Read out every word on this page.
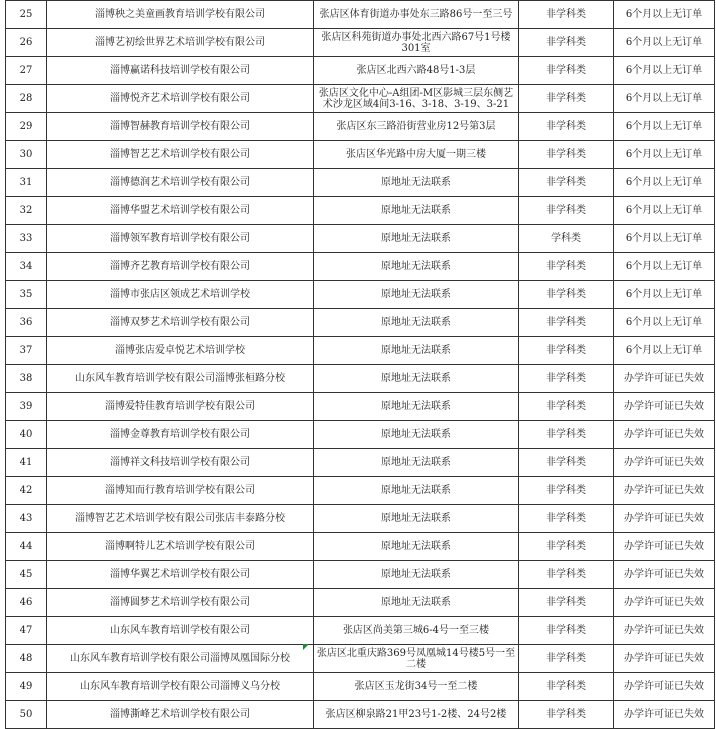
25	淄博秧之美童画教育培训学校有限公司	张店区体育街道办事处东三路86号一至三号	非学科类	6个月以上无订单
26	淄博艺初绘世界艺术培训学校有限公司	张店区科苑街道办事处北西六路67号1号楼301室	非学科类	6个月以上无订单
27	淄博赢诺科技培训学校有限公司	张店区北西六路48号1-3层	非学科类	6个月以上无订单
28	淄博悦齐艺术培训学校有限公司	张店区文化中心-A组团-M区影城三层东侧艺术沙龙区域4间3-16、3-18、3-19、3-21	非学科类	6个月以上无订单
29	淄博智赫教育培训学校有限公司	张店区东三路沿街营业房12号第3层	非学科类	6个月以上无订单
30	淄博智艺艺术培训学校有限公司	张店区华光路中房大厦一期三楼	非学科类	6个月以上无订单
31	淄博德润艺术培训学校有限公司	原地址无法联系	非学科类	6个月以上无订单
32	淄博华盟艺术培训学校有限公司	原地址无法联系	非学科类	6个月以上无订单
33	淄博领军教育培训学校有限公司	原地址无法联系	学科类	6个月以上无订单
34	淄博齐艺教育培训学校有限公司	原地址无法联系	非学科类	6个月以上无订单
35	淄博市张店区领成艺术培训学校	原地址无法联系	非学科类	6个月以上无订单
36	淄博双梦艺术培训学校有限公司	原地址无法联系	非学科类	6个月以上无订单
37	淄博张店爱卓悦艺术培训学校	原地址无法联系	非学科类	6个月以上无订单
38	山东风车教育培训学校有限公司淄博张桓路分校	原地址无法联系	非学科类	办学许可证已失效
39	淄博爱特佳教育培训学校有限公司	原地址无法联系	非学科类	办学许可证已失效
40	淄博金尊教育培训学校有限公司	原地址无法联系	非学科类	办学许可证已失效
41	淄博祥文科技培训学校有限公司	原地址无法联系	非学科类	办学许可证已失效
42	淄博知而行教育培训学校有限公司	原地址无法联系	非学科类	办学许可证已失效
43	淄博智艺艺术培训学校有限公司张店丰泰路分校	原地址无法联系	非学科类	办学许可证已失效
44	淄博啊特儿艺术培训学校有限公司	原地址无法联系	非学科类	办学许可证已失效
45	淄博华翼艺术培训学校有限公司	原地址无法联系	非学科类	办学许可证已失效
46	淄博圆梦艺术培训学校有限公司	原地址无法联系	非学科类	办学许可证已失效
47	山东风车教育培训学校有限公司	张店区尚美第三城6-4号一至三楼	非学科类	办学许可证已失效
48	山东风车教育培训学校有限公司淄博凤凰国际分校	张店区北重庆路369号凤凰城14号楼5号一至二楼	非学科类	办学许可证已失效
49	山东风车教育培训学校有限公司淄博义乌分校	张店区玉龙街34号一至二楼	非学科类	办学许可证已失效
50	淄博澌峰艺术培训学校有限公司	张店区柳泉路21甲23号1-2楼、24号2楼	非学科类	办学许可证已失效
